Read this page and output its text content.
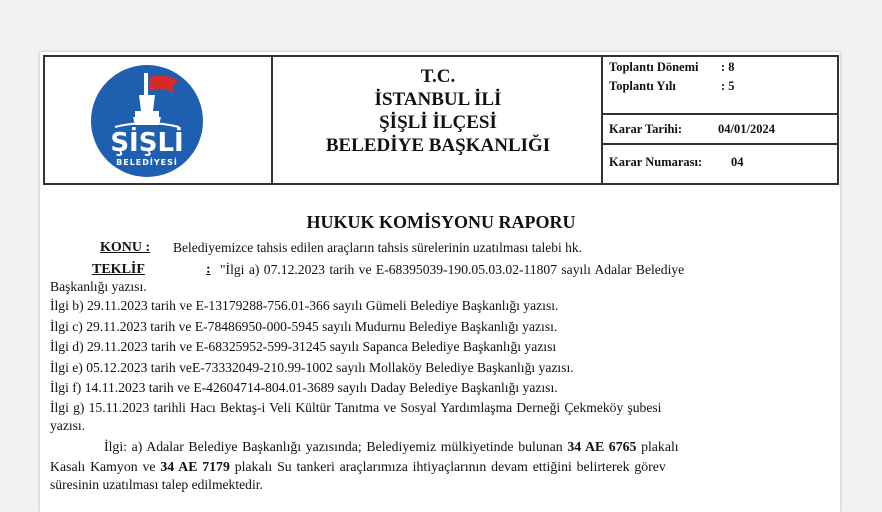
ŞİŞLİ
BELEDİYESİ
T.C.
İSTANBUL İLİ
ŞİŞLİ İLÇESİ
BELEDİYE BAŞKANLIĞI
Toplantı Dönemi : 8
Toplantı Yılı	: 5
Karar Tarihi:	04/01/2024
Karar Numarası: 04
HUKUK KOMİSYONU RAPORU
KONU : Belediyemizce tahsis edilen araçların tahsis sürelerinin uzatılması talebi hk.
TEKLİF	: "İlgi a) 07.12.2023 tarih ve E-68395039-190.05.03.02-11807 sayılı Adalar Belediye
Başkanlığı yazısı.
İlgi b) 29.11.2023 tarih ve E-13179288-756.01-366 sayılı Gümeli Belediye Başkanlığı yazısı.
İlgi c) 29.11.2023 tarih ve E-78486950-000-5945 sayılı Mudurnu Belediye Başkanlığı yazısı.
İlgi d) 29.11.2023 tarih ve E-68325952-599-31245 sayılı Sapanca Belediye Başkanlığı yazısı
İlgi e) 05.12.2023 tarih veE-73332049-210.99-1002 sayılı Mollaköy Belediye Başkanlığı yazısı.
İlgi f) 14.11.2023 tarih ve E-42604714-804.01-3689 sayılı Daday Belediye Başkanlığı yazısı.
İlgi g) 15.11.2023 tarihli Hacı Bektaş-i Veli Kültür Tanıtma ve Sosyal Yardımlaşma Derneği Çekmeköy şubesi
yazısı.
İlgi: a) Adalar Belediye Başkanlığı yazısında; Belediyemiz mülkiyetinde bulunan 34 AE 6765 plakalı
Kasalı Kamyon ve 34 AE 7179 plakalı Su tankeri araçlarımıza ihtiyaçlarının devam ettiğini belirterek görev
süresinin uzatılması talep edilmektedir.
